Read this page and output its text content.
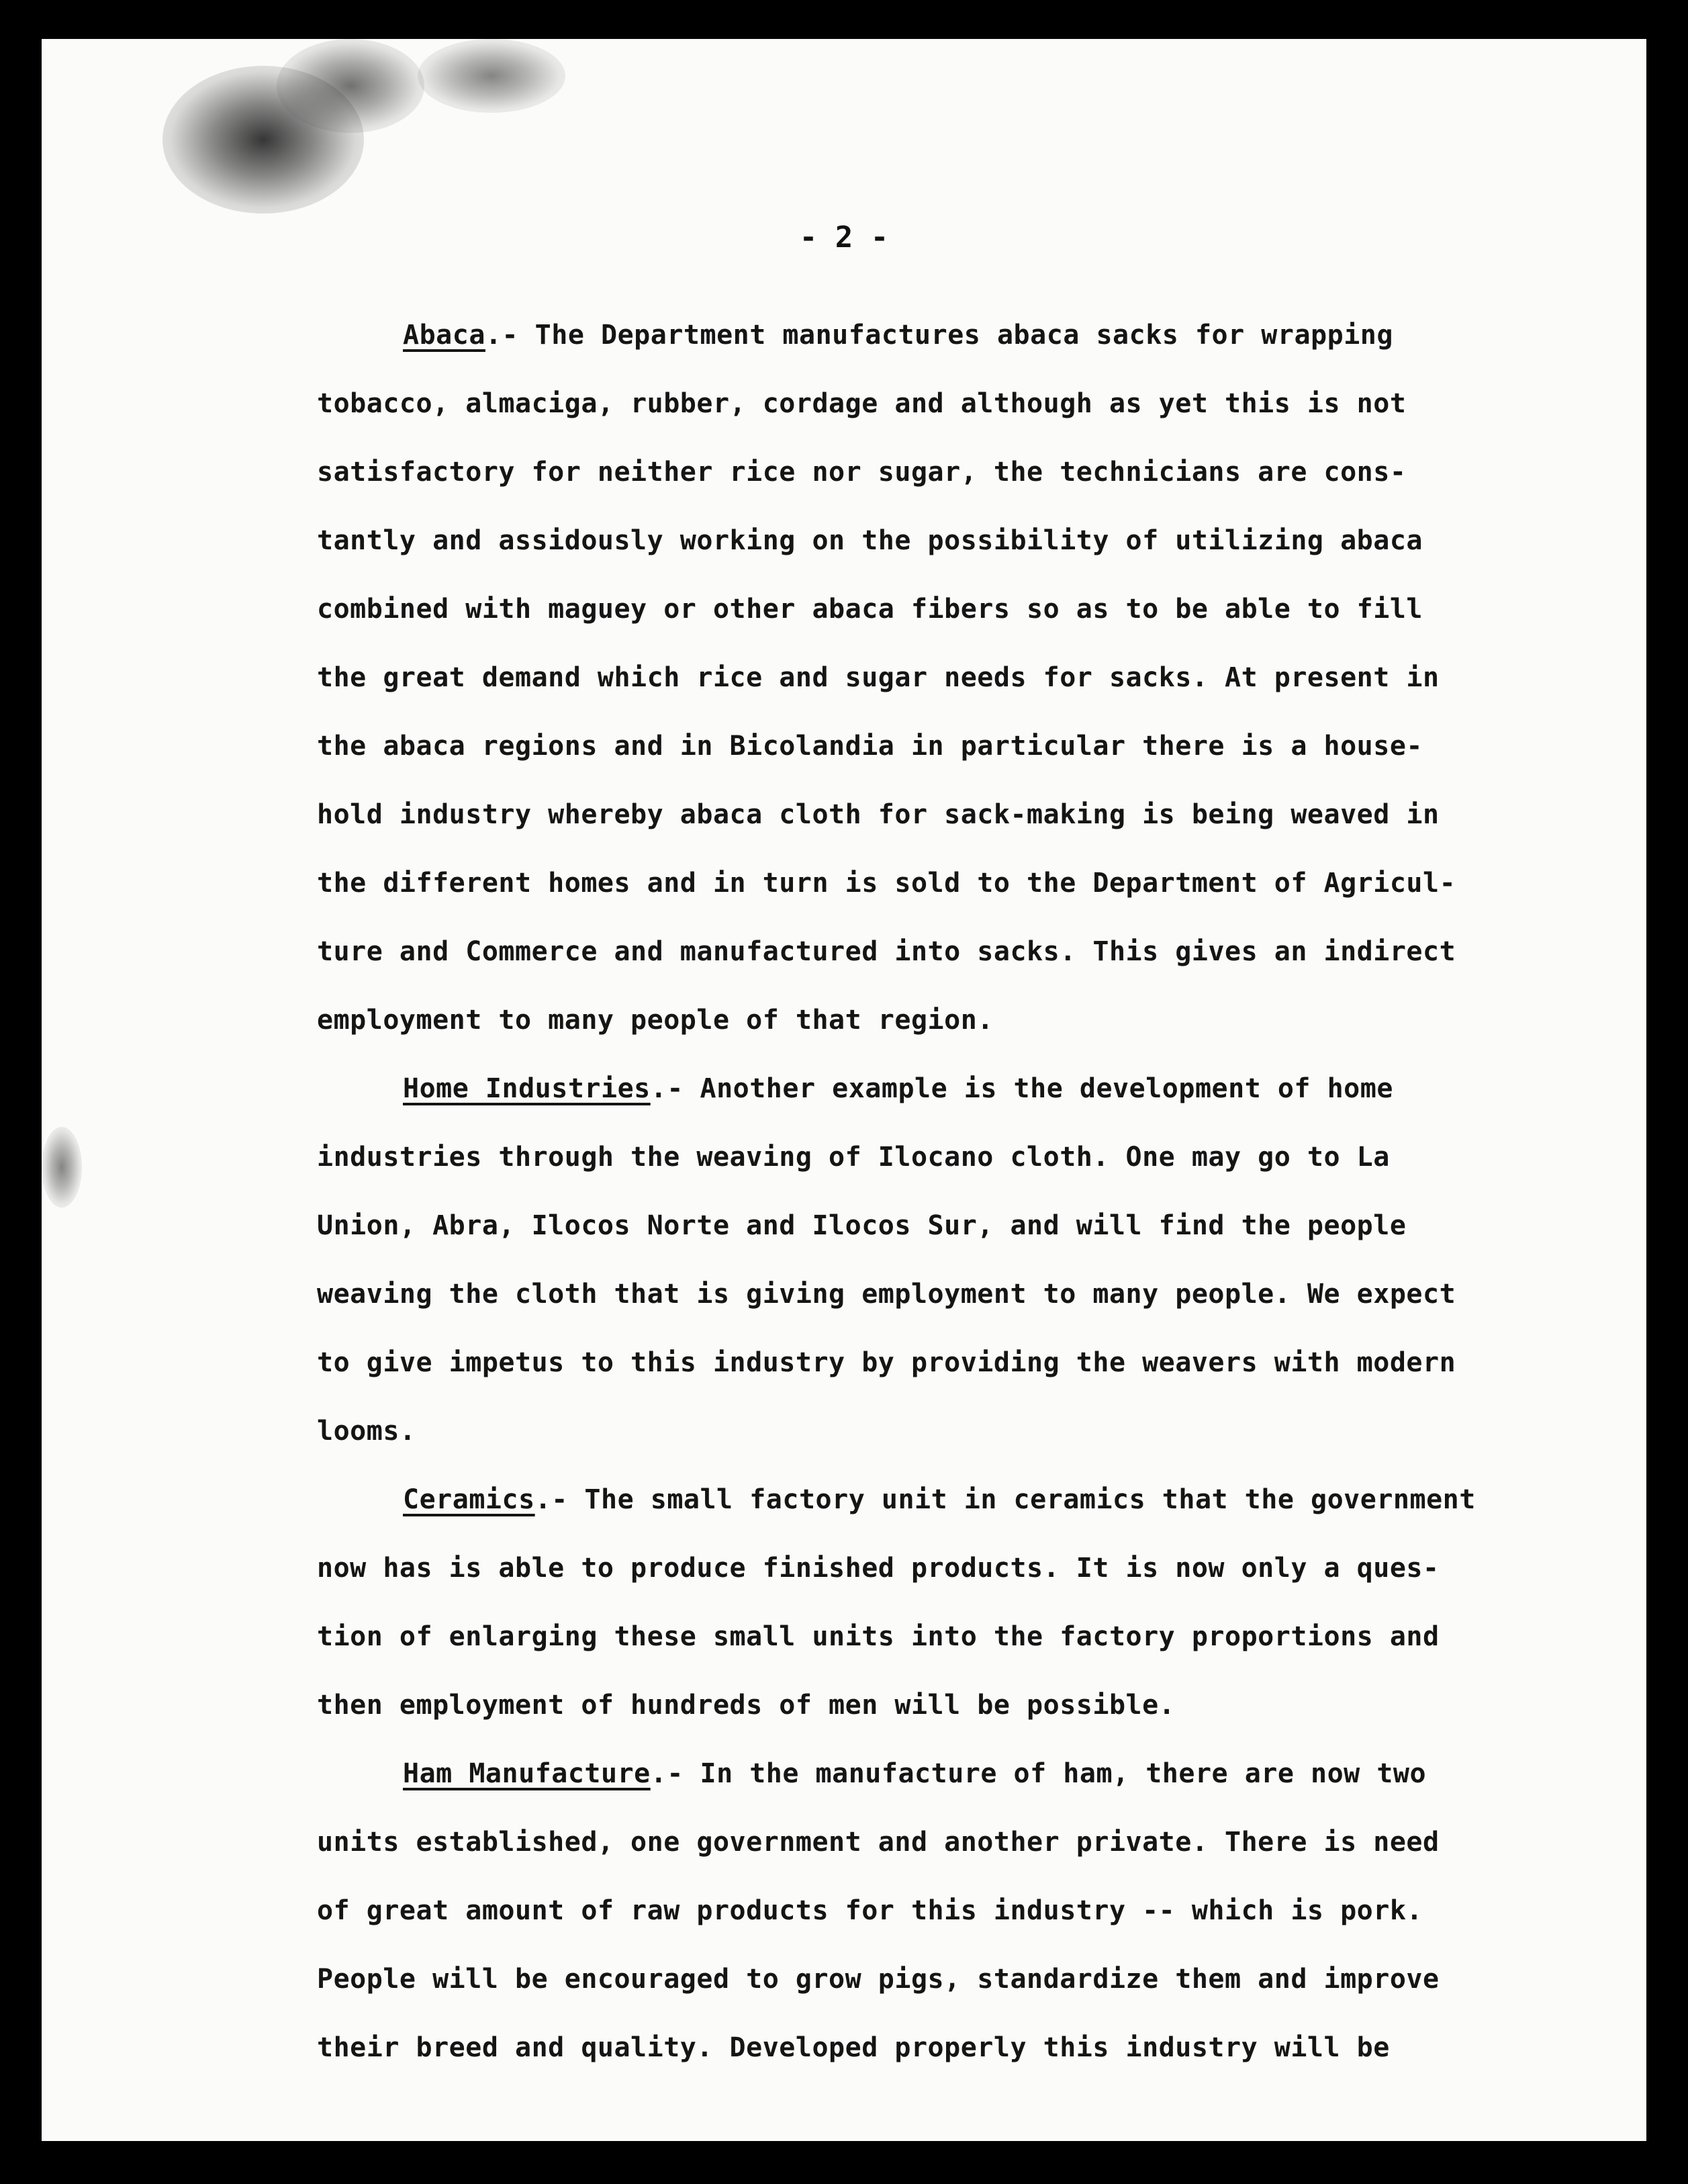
- 2 -
Abaca.- The Department manufactures abaca sacks for wrapping
tobacco, almaciga, rubber, cordage and although as yet this is not
satisfactory for neither rice nor sugar, the technicians are cons-
tantly and assidously working on the possibility of utilizing abaca
combined with maguey or other abaca fibers so as to be able to fill
the great demand which rice and sugar needs for sacks. At present in
the abaca regions and in Bicolandia in particular there is a house-
hold industry whereby abaca cloth for sack-making is being weaved in
the different homes and in turn is sold to the Department of Agricul-
ture and Commerce and manufactured into sacks. This gives an indirect
employment to many people of that region.
Home Industries.- Another example is the development of home
industries through the weaving of Ilocano cloth. One may go to La
Union, Abra, Ilocos Norte and Ilocos Sur, and will find the people
weaving the cloth that is giving employment to many people. We expect
to give impetus to this industry by providing the weavers with modern
looms.
Ceramics.- The small factory unit in ceramics that the government
now has is able to produce finished products. It is now only a ques-
tion of enlarging these small units into the factory proportions and
then employment of hundreds of men will be possible.
Ham Manufacture.- In the manufacture of ham, there are now two
units established, one government and another private. There is need
of great amount of raw products for this industry -- which is pork.
People will be encouraged to grow pigs, standardize them and improve
their breed and quality. Developed properly this industry will be
